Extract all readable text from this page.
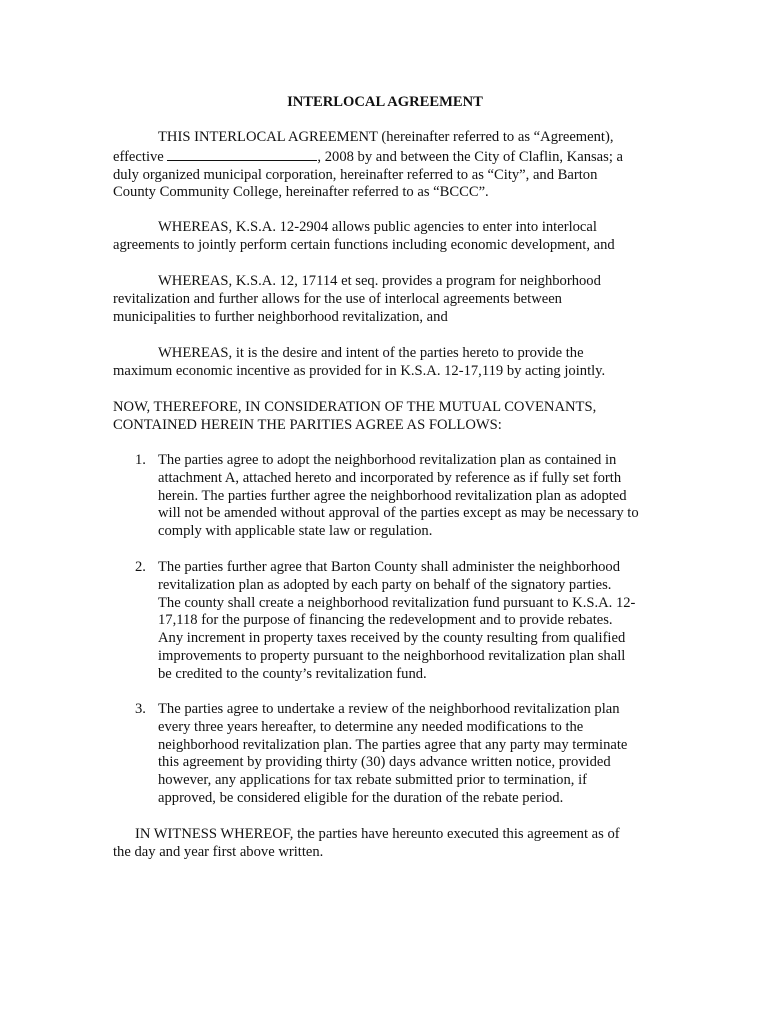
INTERLOCAL AGREEMENT
THIS INTERLOCAL AGREEMENT (hereinafter referred to as “Agreement),
effective	, 2008 by and between the City of Claflin, Kansas; a
duly organized municipal corporation, hereinafter referred to as “City”, and Barton
County Community College, hereinafter referred to as “BCCC”.
WHEREAS, K.S.A. 12-2904 allows public agencies to enter into interlocal
agreements to jointly perform certain functions including economic development, and
WHEREAS, K.S.A. 12, 17114 et seq. provides a program for neighborhood
revitalization and further allows for the use of interlocal agreements between
municipalities to further neighborhood revitalization, and
WHEREAS, it is the desire and intent of the parties hereto to provide the
maximum economic incentive as provided for in K.S.A. 12-17,119 by acting jointly.
NOW, THEREFORE, IN CONSIDERATION OF THE MUTUAL COVENANTS,
CONTAINED HEREIN THE PARITIES AGREE AS FOLLOWS:
1. The parties agree to adopt the neighborhood revitalization plan as contained in
attachment A, attached hereto and incorporated by reference as if fully set forth
herein. The parties further agree the neighborhood revitalization plan as adopted
will not be amended without approval of the parties except as may be necessary to
comply with applicable state law or regulation.
2. The parties further agree that Barton County shall administer the neighborhood
revitalization plan as adopted by each party on behalf of the signatory parties.
The county shall create a neighborhood revitalization fund pursuant to K.S.A. 12-
17,118 for the purpose of financing the redevelopment and to provide rebates.
Any increment in property taxes received by the county resulting from qualified
improvements to property pursuant to the neighborhood revitalization plan shall
be credited to the county’s revitalization fund.
3. The parties agree to undertake a review of the neighborhood revitalization plan
every three years hereafter, to determine any needed modifications to the
neighborhood revitalization plan. The parties agree that any party may terminate
this agreement by providing thirty (30) days advance written notice, provided
however, any applications for tax rebate submitted prior to termination, if
approved, be considered eligible for the duration of the rebate period.
IN WITNESS WHEREOF, the parties have hereunto executed this agreement as of
the day and year first above written.
